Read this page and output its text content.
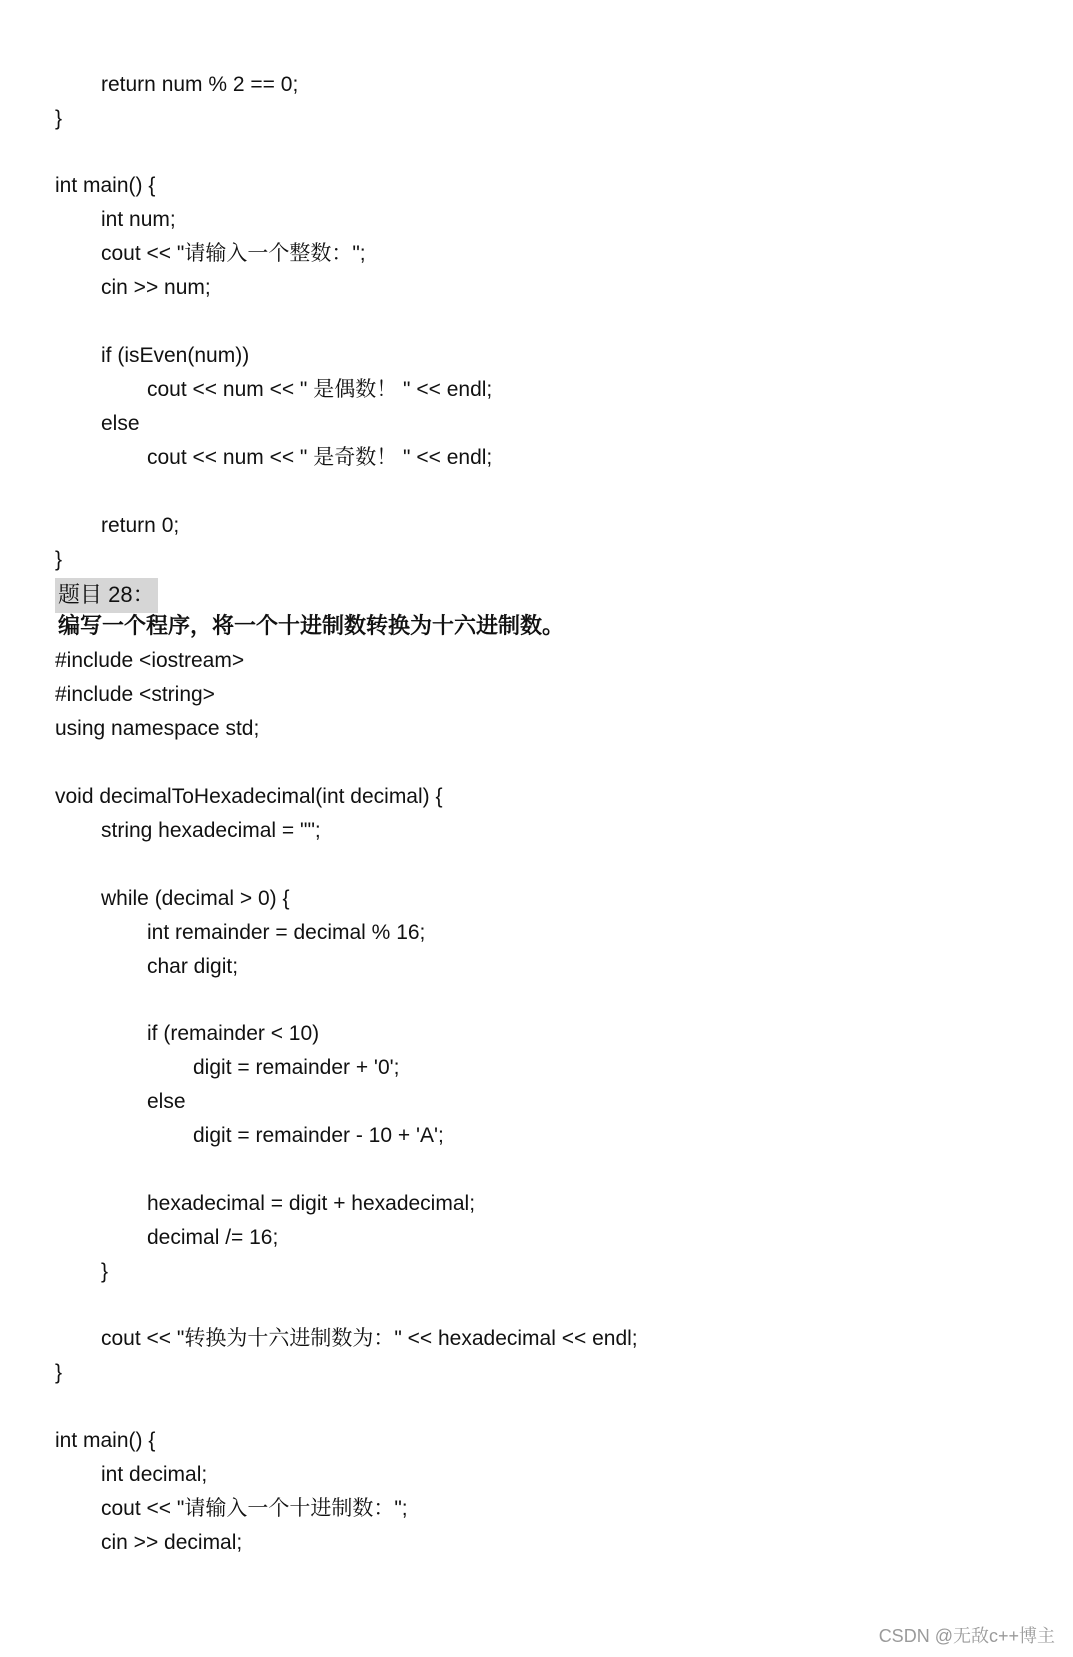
return num % 2 == 0;
}
int main() {
int num;
cout << "请输入一个整数：";
cin >> num;
if (isEven(num))
cout << num << " 是偶数！ " << endl;
else
cout << num << " 是奇数！ " << endl;
return 0;
}
题目 28：
编写一个程序，将一个十进制数转换为十六进制数。
#include <iostream>
#include <string>
using namespace std;
void decimalToHexadecimal(int decimal) {
string hexadecimal = "";
while (decimal > 0) {
int remainder = decimal % 16;
char digit;
if (remainder < 10)
digit = remainder + '0';
else
digit = remainder - 10 + 'A';
hexadecimal = digit + hexadecimal;
decimal /= 16;
}
cout << "转换为十六进制数为：" << hexadecimal << endl;
}
int main() {
int decimal;
cout << "请输入一个十进制数：";
cin >> decimal;
CSDN @无敌c++博主
